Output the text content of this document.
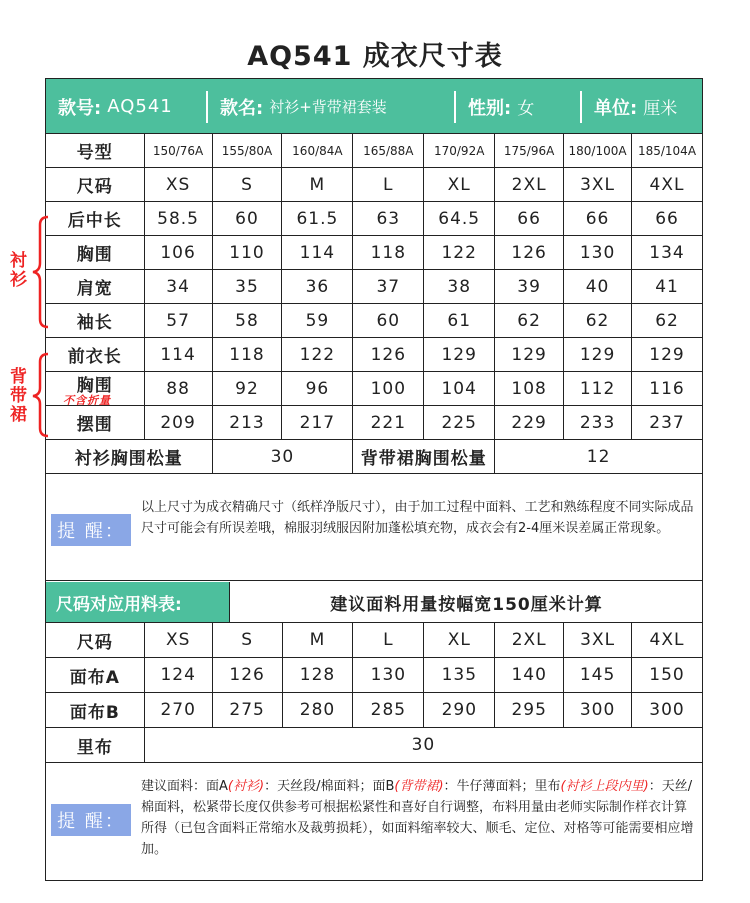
AQ541 成衣尺寸表
款号: AQ541	款名: 衬衫+背带裙套装	性别: 女	单位: 厘米
号型	150/76A	155/80A	160/84A	165/88A	170/92A	175/96A	180/100A	185/104A
尺码	XS	S	M	L	XL	2XL	3XL	4XL
后中长	58.5	60	61.5	63	64.5	66	66	66
胸围	106	110	114	118	122	126	130	134
肩宽	34	35	36	37	38	39	40	41
袖长	57	58	59	60	61	62	62	62
前衣长	114	118	122	126	129	129	129	129
胸围
不含折量	88	92	96	100	104	108	112	116
摆围	209	213	217	221	225	229	233	237
衬衫胸围松量		30		背带裙胸围松量		12		
衬
衫
背
带
裙
提 醒：
以上尺寸为成衣精确尺寸（纸样净版尺寸），由于加工过程中面料、工艺和熟练程度不同实际成品尺寸可能会有所误差哦，棉服羽绒服因附加蓬松填充物，成衣会有2-4厘米误差属正常现象。
尺码对应用料表:	建议面料用量按幅宽150厘米计算
尺码	XS	S	M	L	XL	2XL	3XL	4XL
面布A	124	126	128	130	135	140	145	150
面布B	270	275	280	285	290	295	300	300
里布	30							
提 醒：
建议面料：面A(衬衫)：天丝段/棉面料；面B(背带裙)：牛仔薄面料；里布(衬衫上段内里)：天丝/棉面料，松紧带长度仅供参考可根据松紧性和喜好自行调整，布料用量由老师实际制作样衣计算所得（已包含面料正常缩水及裁剪损耗），如面料缩率较大、顺毛、定位、对格等可能需要相应增加。
